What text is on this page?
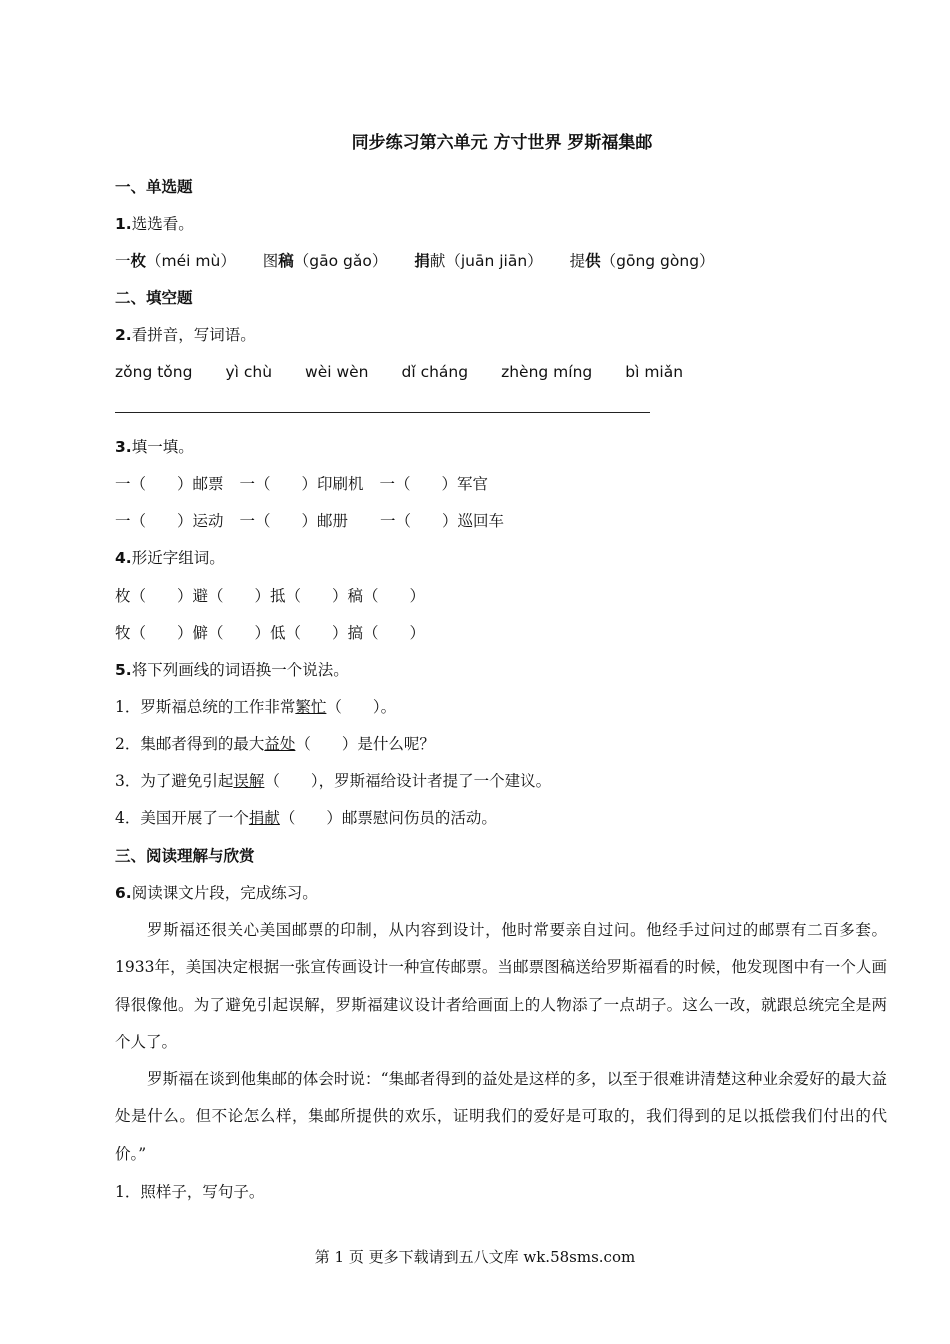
同步练习第六单元 方寸世界 罗斯福集邮
一、单选题
1.选选看。
一枚（méi mù） 图稿（gāo gǎo） 捐献（juān jiān） 提供（gōng gòng）
二、填空题
2.看拼音，写词语。
zǒng tǒng yì chù wèi wèn dǐ cháng zhèng míng bì miǎn
3.填一填。
一（　　）邮票 一（　　）印刷机 一（　　）军官
一（　　）运动 一（　　）邮册 一（　　）巡回车
4.形近字组词。
枚（　　）避（　　）抵（　　）稿（　　）
牧（　　）僻（　　）低（　　）搞（　　）
5.将下列画线的词语换一个说法。
1．罗斯福总统的工作非常繁忙（　　）。
2．集邮者得到的最大益处（　　）是什么呢？
3．为了避免引起误解（　　），罗斯福给设计者提了一个建议。
4．美国开展了一个捐献（　　）邮票慰问伤员的活动。
三、阅读理解与欣赏
6.阅读课文片段，完成练习。
罗斯福还很关心美国邮票的印制，从内容到设计，他时常要亲自过问。他经手过问过的邮票有二百多套。1933年，美国决定根据一张宣传画设计一种宣传邮票。当邮票图稿送给罗斯福看的时候，他发现图中有一个人画得很像他。为了避免引起误解，罗斯福建议设计者给画面上的人物添了一点胡子。这么一改，就跟总统完全是两个人了。
罗斯福在谈到他集邮的体会时说：“集邮者得到的益处是这样的多，以至于很难讲清楚这种业余爱好的最大益处是什么。但不论怎么样，集邮所提供的欢乐，证明我们的爱好是可取的，我们得到的足以抵偿我们付出的代价。”
1．照样子，写句子。
第 1 页 更多下载请到五八文库 wk.58sms.com
